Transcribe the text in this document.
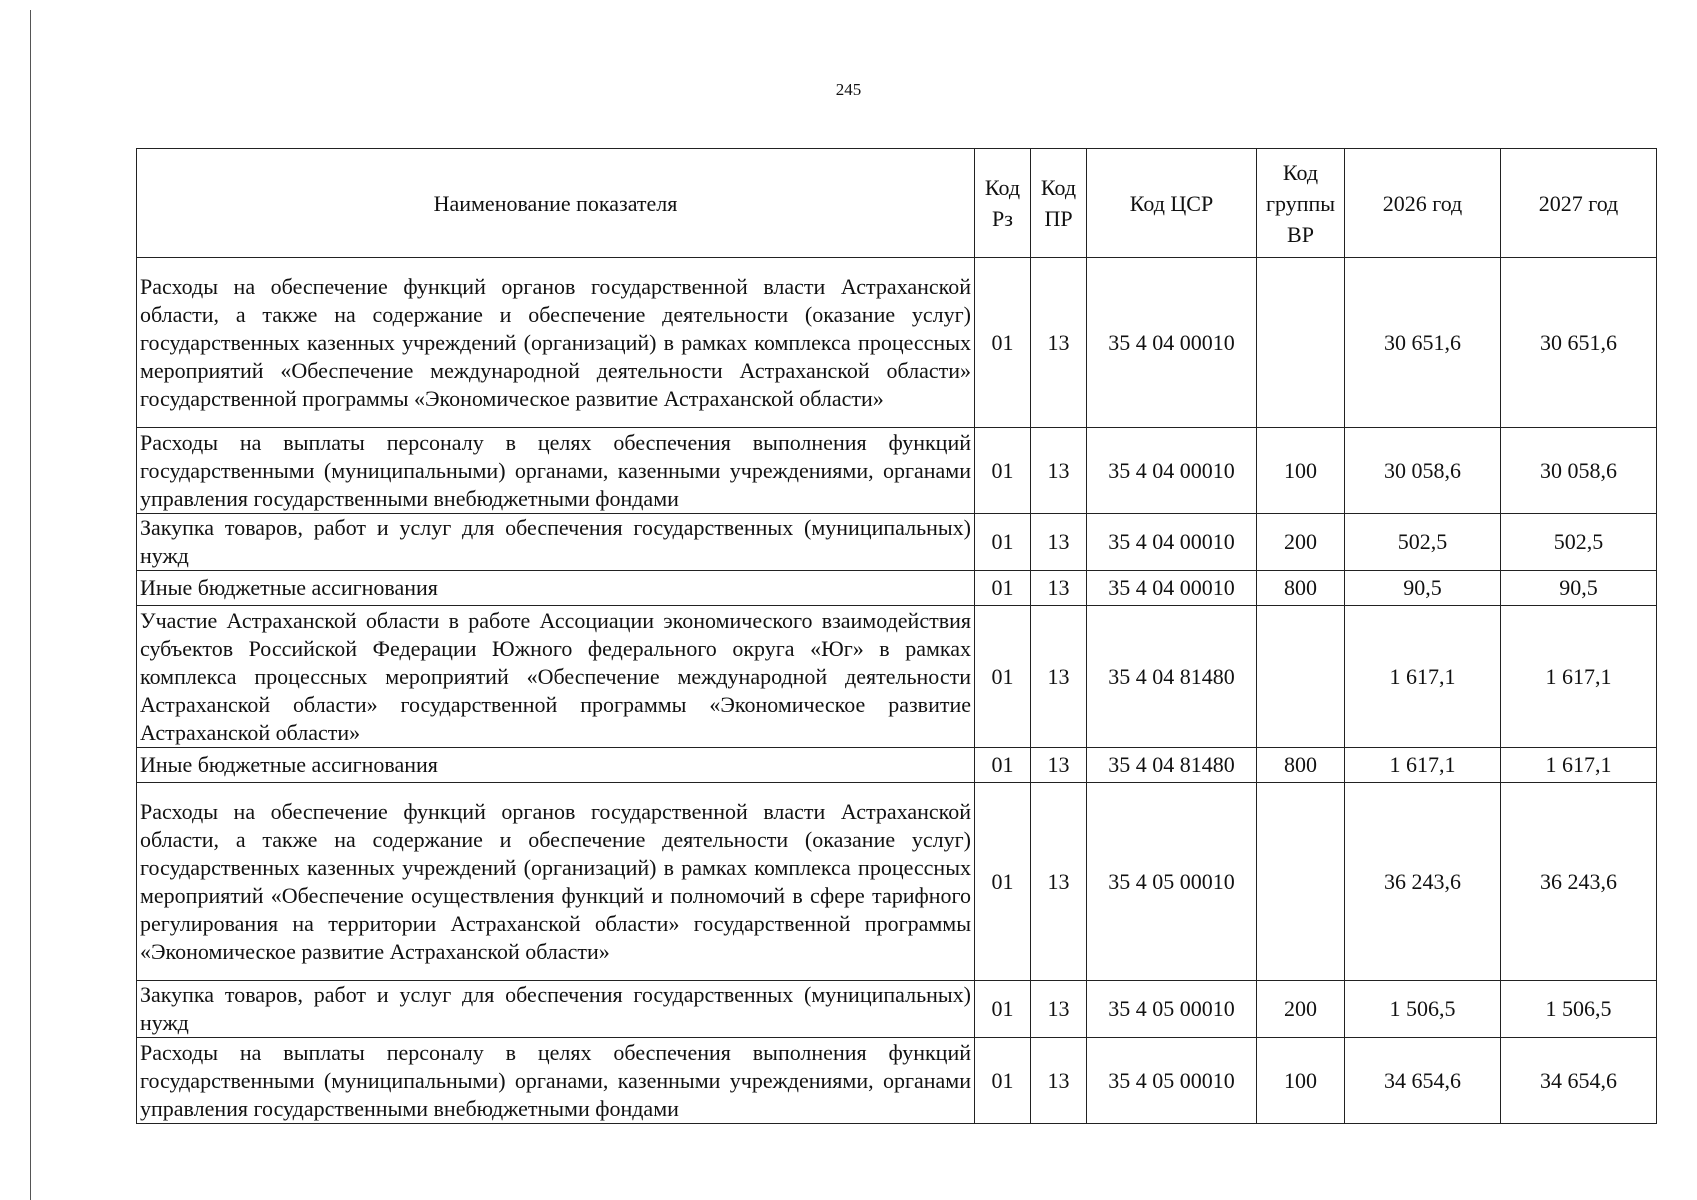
245
Наименование показателя	Код Рз	Код ПР	Код ЦСР	Код группы ВР	2026 год	2027 год
Расходы на обеспечение функций органов государственной власти Астраханской области, а также на содержание и обеспечение деятельности (оказание услуг) государственных казенных учреждений (организаций) в рамках комплекса процессных мероприятий «Обеспечение международной деятельности Астраханской области» государственной программы «Экономическое развитие Астраханской области»	01	13	35 4 04 00010		30 651,6	30 651,6
Расходы на выплаты персоналу в целях обеспечения выполнения функций государственными (муниципальными) органами, казенными учреждениями, органами управления государственными внебюджетными фондами	01	13	35 4 04 00010	100	30 058,6	30 058,6
Закупка товаров, работ и услуг для обеспечения государственных (муниципальных) нужд	01	13	35 4 04 00010	200	502,5	502,5
Иные бюджетные ассигнования	01	13	35 4 04 00010	800	90,5	90,5
Участие Астраханской области в работе Ассоциации экономического взаимодействия субъектов Российской Федерации Южного федерального округа «Юг» в рамках комплекса процессных мероприятий «Обеспечение международной деятельности Астраханской области» государственной программы «Экономическое развитие Астраханской области»	01	13	35 4 04 81480		1 617,1	1 617,1
Иные бюджетные ассигнования	01	13	35 4 04 81480	800	1 617,1	1 617,1
Расходы на обеспечение функций органов государственной власти Астраханской области, а также на содержание и обеспечение деятельности (оказание услуг) государственных казенных учреждений (организаций) в рамках комплекса процессных мероприятий «Обеспечение осуществления функций и полномочий в сфере тарифного регулирования на территории Астраханской области» государственной программы «Экономическое развитие Астраханской области»	01	13	35 4 05 00010		36 243,6	36 243,6
Закупка товаров, работ и услуг для обеспечения государственных (муниципальных) нужд	01	13	35 4 05 00010	200	1 506,5	1 506,5
Расходы на выплаты персоналу в целях обеспечения выполнения функций государственными (муниципальными) органами, казенными учреждениями, органами управления государственными внебюджетными фондами	01	13	35 4 05 00010	100	34 654,6	34 654,6
